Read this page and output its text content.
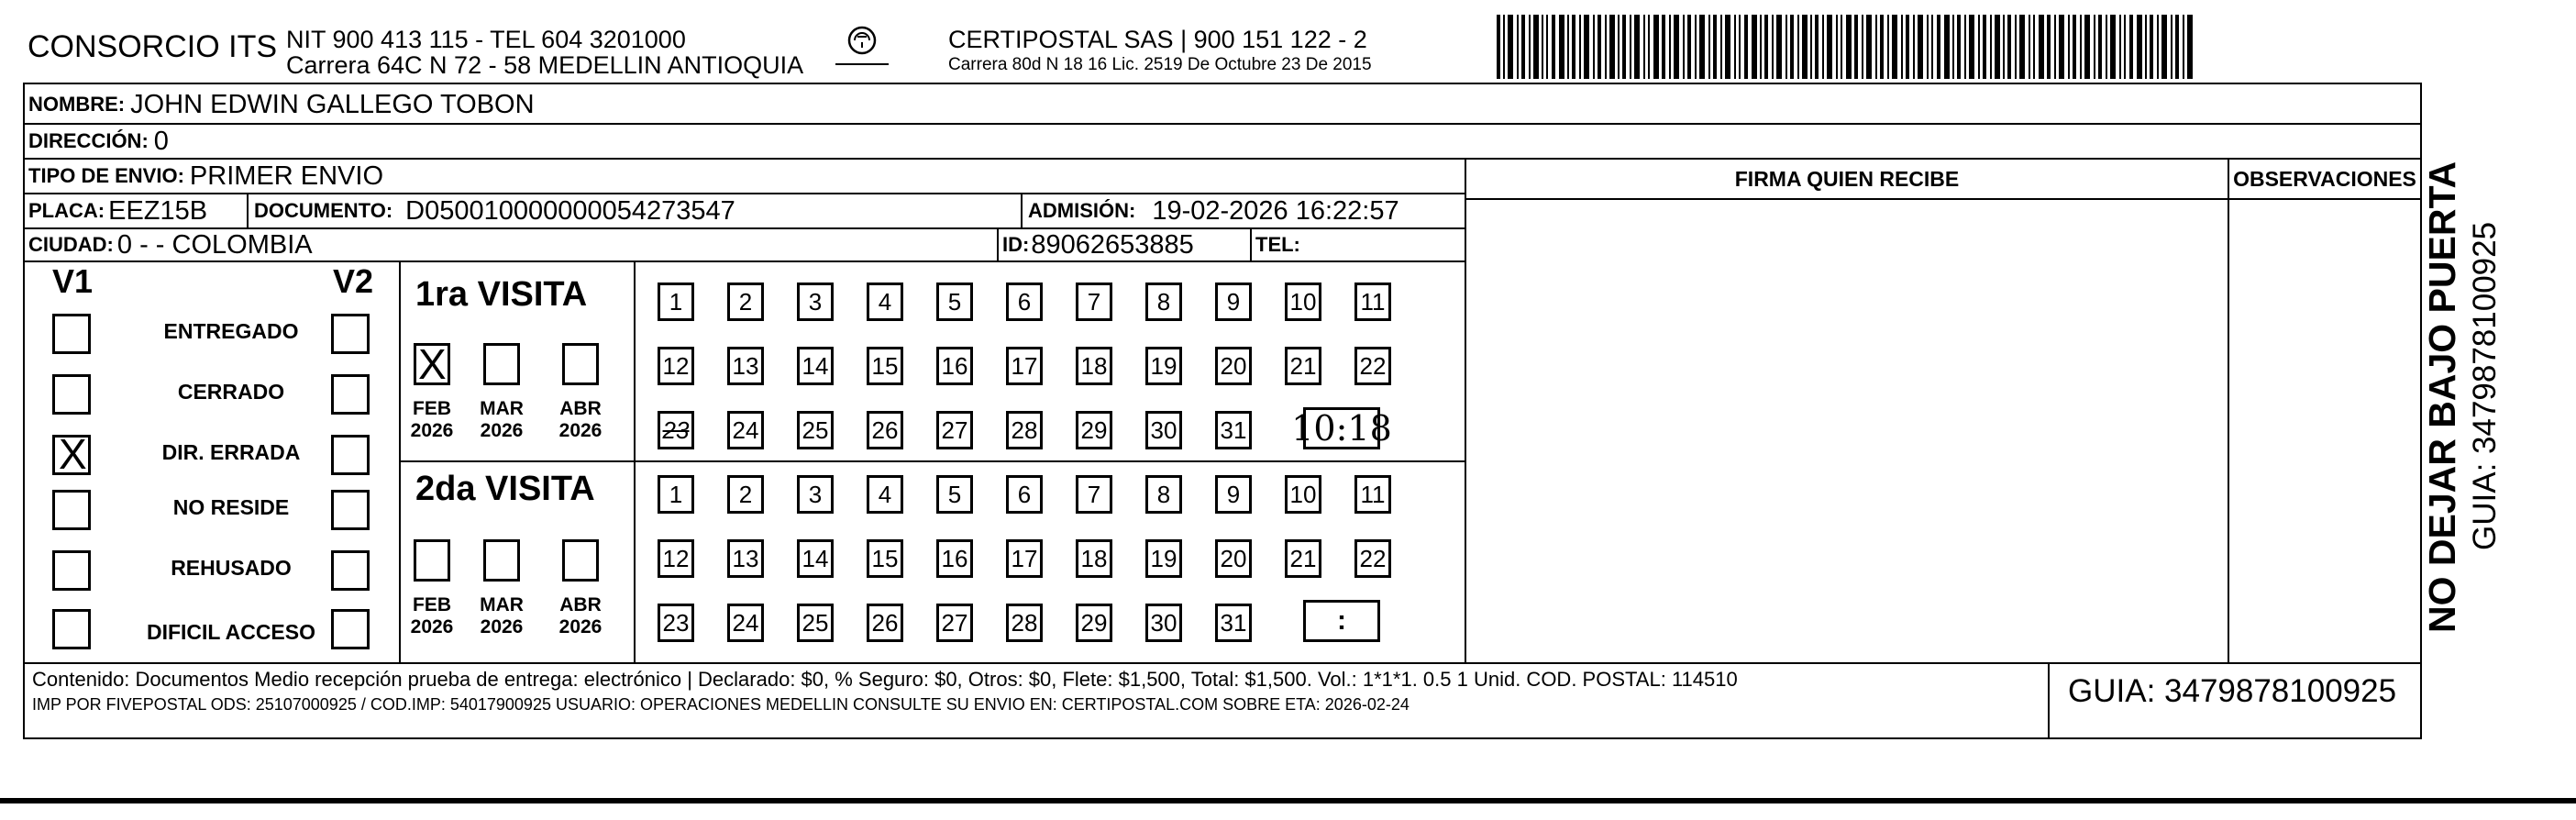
CONSORCIO ITS NIT 900 413 115 - TEL 604 3201000
Carrera 64C N 72 - 58 MEDELLIN ANTIOQUIA
CERTIPOSTAL SAS | 900 151 122 - 2
Carrera 80d N 18 16 Lic. 2519 De Octubre 23 De 2015
NOMBRE: JOHN EDWIN GALLEGO TOBON
DIRECCIÓN: 0
TIPO DE ENVIO: PRIMER ENVIO	FIRMA QUIEN RECIBE	OBSERVACIONES
PLACA: EEZ15B DOCUMENTO: D050010000000054273547	ADMISIÓN: 19-02-2026 16:22:57
CIUDAD: 0 - - COLOMBIA	ID: 89062653885	TEL:
V1	V2
ENTREGADO
CERRADO
X	DIR. ERRADA
NO RESIDE
REHUSADO
DIFICIL ACCESO
1ra VISITA
X
FEB
2026
MAR
2026
ABR
2026
1	2	3	4	5	6	7	8	9	10 11
12 13 14 15 16 17 18 19 20 21 22
23 24 25 26 27 28 29 30 31 10:18
2da VISITA
FEB
2026
MAR
2026
ABR
2026
1	2	3	4	5	6	7	8	9	10 11
12 13 14 15 16 17 18 19 20 21 22
23 24 25 26 27 28 29 30 31	:
Contenido: Documentos Medio recepción prueba de entrega: electrónico | Declarado: $0, % Seguro: $0, Otros: $0, Flete: $1,500, Total: $1,500. Vol.: 1*1*1. 0.5 1 Unid. COD. POSTAL: 114510
IMP POR FIVEPOSTAL ODS: 25107000925 / COD.IMP: 54017900925 USUARIO: OPERACIONES MEDELLIN CONSULTE SU ENVIO EN: CERTIPOSTAL.COM SOBRE ETA: 2026-02-24	GUIA: 3479878100925
NO DEJAR BAJO PUERTA GUIA: 3479878100925
